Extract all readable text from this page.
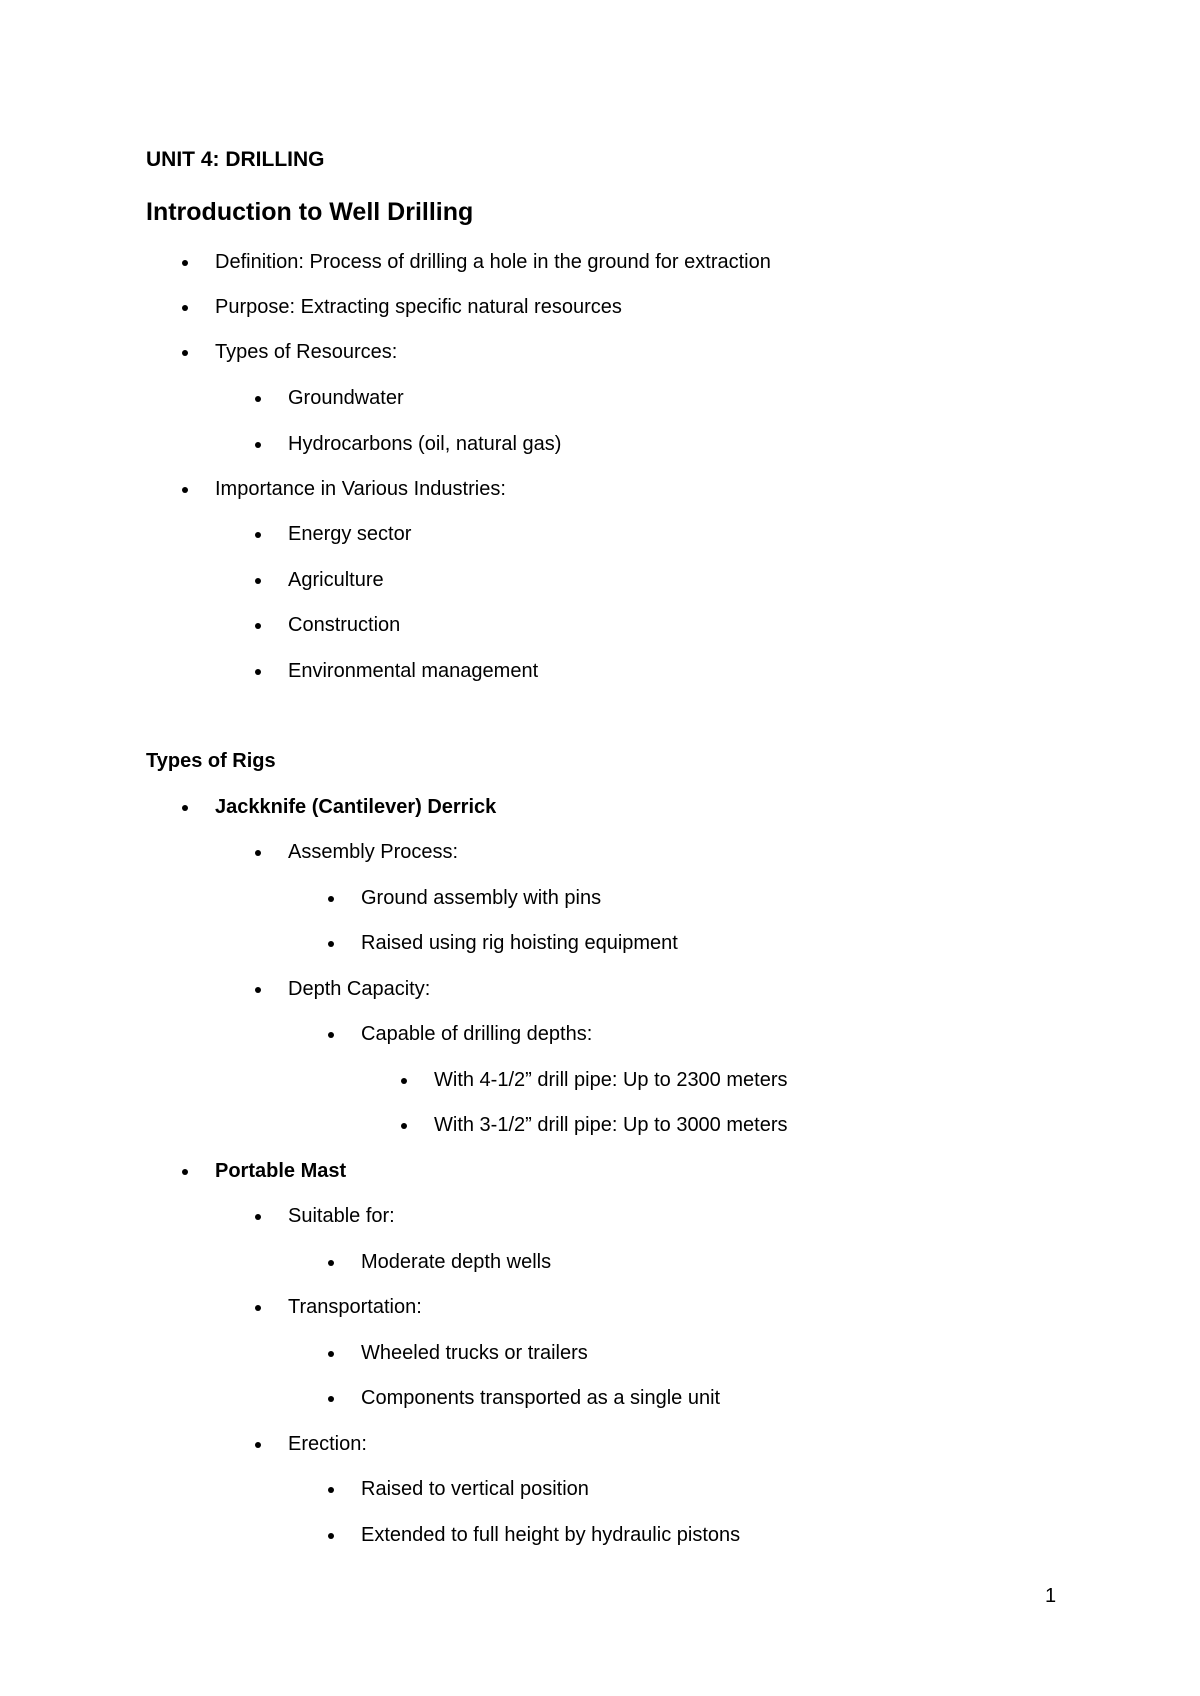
UNIT 4: DRILLING
Introduction to Well Drilling
Definition: Process of drilling a hole in the ground for extraction
Purpose: Extracting specific natural resources
Types of Resources:
Groundwater
Hydrocarbons (oil, natural gas)
Importance in Various Industries:
Energy sector
Agriculture
Construction
Environmental management
Types of Rigs
Jackknife (Cantilever) Derrick
Assembly Process:
Ground assembly with pins
Raised using rig hoisting equipment
Depth Capacity:
Capable of drilling depths:
With 4-1/2” drill pipe: Up to 2300 meters
With 3-1/2” drill pipe: Up to 3000 meters
Portable Mast
Suitable for:
Moderate depth wells
Transportation:
Wheeled trucks or trailers
Components transported as a single unit
Erection:
Raised to vertical position
Extended to full height by hydraulic pistons
1
